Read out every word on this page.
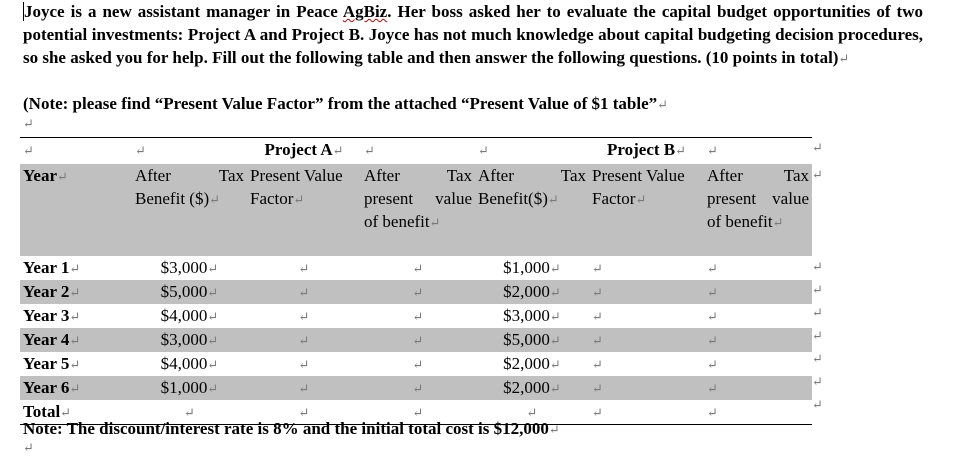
Joyce is a new assistant manager in Peace AgBiz. Her boss asked her to evaluate the capital budget opportunities of two potential investments: Project A and Project B. Joyce has not much knowledge about capital budgeting decision procedures, so she asked you for help. Fill out the following table and then answer the following questions. (10 points in total)↵

(Note: please find “Present Value Factor” from the attached “Present Value of $1 table”↵
↵
↵	↵	Project A↵	↵	↵	Project B↵	↵
Year↵	After Tax Benefit ($)↵	Present Value Factor↵	After Tax present value of benefit↵	After Tax Benefit($)↵	Present Value Factor↵	After Tax present value of benefit↵
Year 1↵	$3,000↵	↵	↵	$1,000↵	↵	↵
Year 2↵	$5,000↵	↵	↵	$2,000↵	↵	↵
Year 3↵	$4,000↵	↵	↵	$3,000↵	↵	↵
Year 4↵	$3,000↵	↵	↵	$5,000↵	↵	↵
Year 5↵	$4,000↵	↵	↵	$2,000↵	↵	↵
Year 6↵	$1,000↵	↵	↵	$2,000↵	↵	↵
Total↵	↵	↵	↵	↵	↵	↵
↵
↵
↵
↵
↵
↵
↵
↵
↵
Note: The discount/interest rate is 8% and the initial total cost is $12,000↵
↵
